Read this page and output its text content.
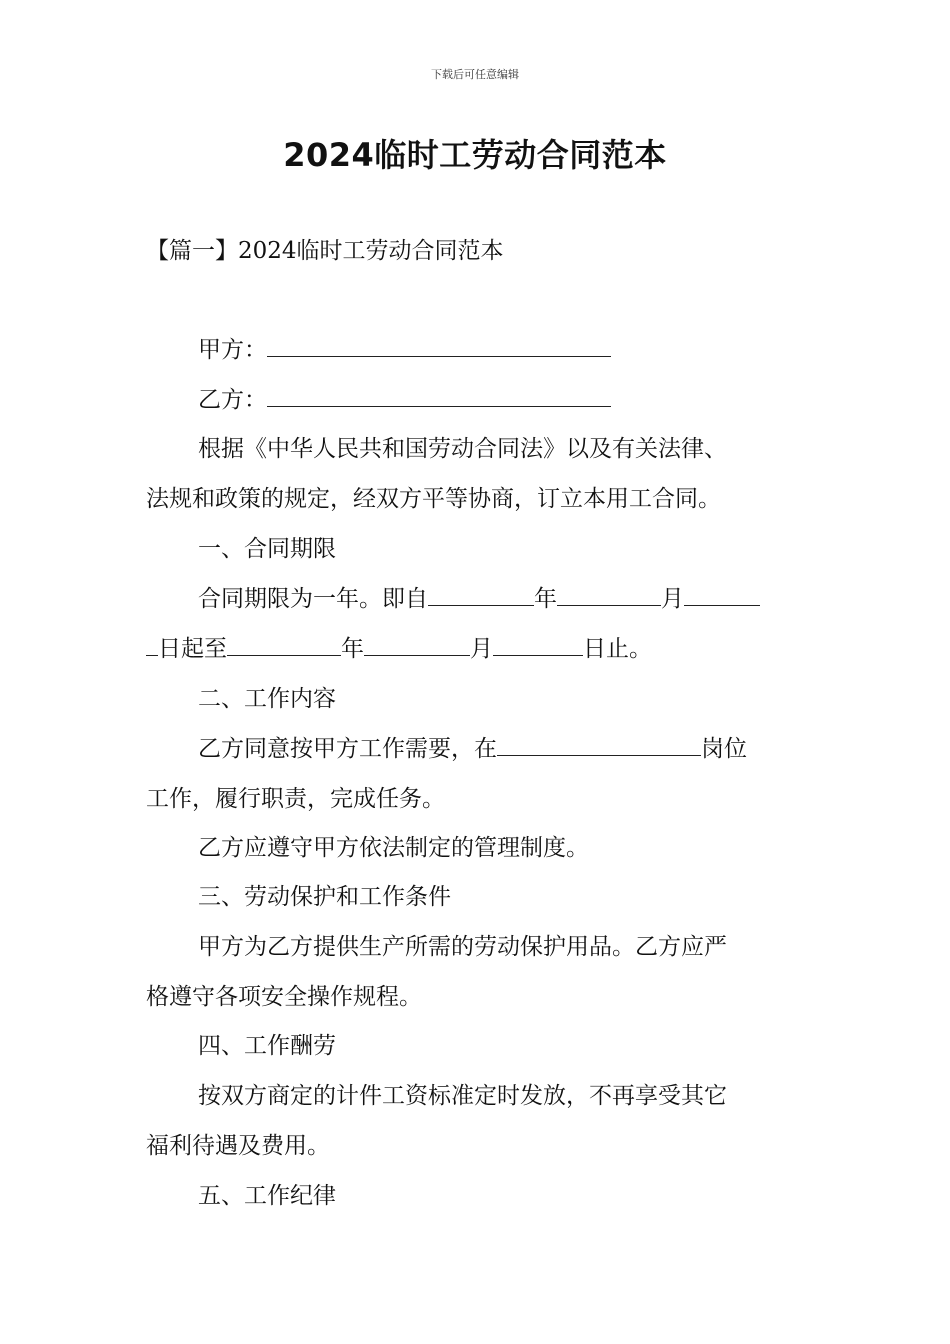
下载后可任意编辑
2024临时工劳动合同范本
【篇一】2024临时工劳动合同范本
甲方：
乙方：
根据《中华人民共和国劳动合同法》以及有关法律、
法规和政策的规定，经双方平等协商，订立本用工合同。
一、合同期限
合同期限为一年。即自	年	月
日起至	年	月	日止。
二、工作内容
乙方同意按甲方工作需要，在	岗位
工作，履行职责，完成任务。
乙方应遵守甲方依法制定的管理制度。
三、劳动保护和工作条件
甲方为乙方提供生产所需的劳动保护用品。乙方应严
格遵守各项安全操作规程。
四、工作酬劳
按双方商定的计件工资标准定时发放，不再享受其它
福利待遇及费用。
五、工作纪律
